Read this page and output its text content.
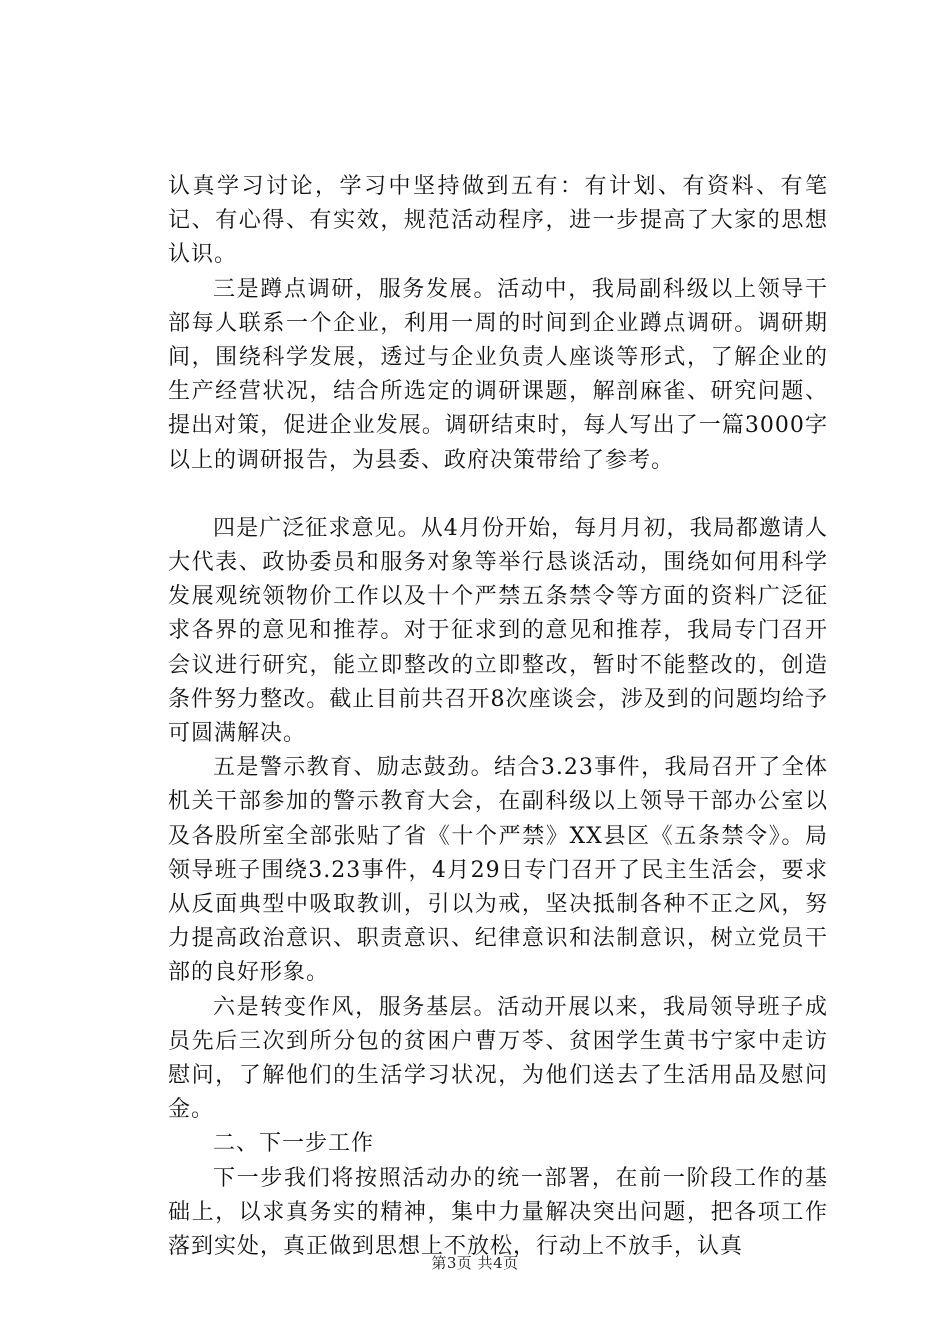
认真学习讨论，学习中坚持做到五有：有计划、有资料、有笔记、有心得、有实效，规范活动程序，进一步提高了大家的思想认识。

三是蹲点调研，服务发展。活动中，我局副科级以上领导干部每人联系一个企业，利用一周的时间到企业蹲点调研。调研期间，围绕科学发展，透过与企业负责人座谈等形式，了解企业的生产经营状况，结合所选定的调研课题，解剖麻雀、研究问题、提出对策，促进企业发展。调研结束时，每人写出了一篇3000字以上的调研报告，为县委、政府决策带给了参考。

四是广泛征求意见。从4月份开始，每月月初，我局都邀请人大代表、政协委员和服务对象等举行恳谈活动，围绕如何用科学发展观统领物价工作以及十个严禁五条禁令等方面的资料广泛征求各界的意见和推荐。对于征求到的意见和推荐，我局专门召开会议进行研究，能立即整改的立即整改，暂时不能整改的，创造条件努力整改。截止目前共召开8次座谈会，涉及到的问题均给予可圆满解决。

五是警示教育、励志鼓劲。结合3.23事件，我局召开了全体机关干部参加的警示教育大会，在副科级以上领导干部办公室以及各股所室全部张贴了省《十个严禁》XX县区《五条禁令》。局领导班子围绕3.23事件，4月29日专门召开了民主生活会，要求从反面典型中吸取教训，引以为戒，坚决抵制各种不正之风，努力提高政治意识、职责意识、纪律意识和法制意识，树立党员干部的良好形象。

六是转变作风，服务基层。活动开展以来，我局领导班子成员先后三次到所分包的贫困户曹万苓、贫困学生黄书宁家中走访慰问，了解他们的生活学习状况，为他们送去了生活用品及慰问金。

二、下一步工作

下一步我们将按照活动办的统一部署，在前一阶段工作的基础上，以求真务实的精神，集中力量解决突出问题，把各项工作落到实处，真正做到思想上不放松，行动上不放手，认真

第3页 共4页
